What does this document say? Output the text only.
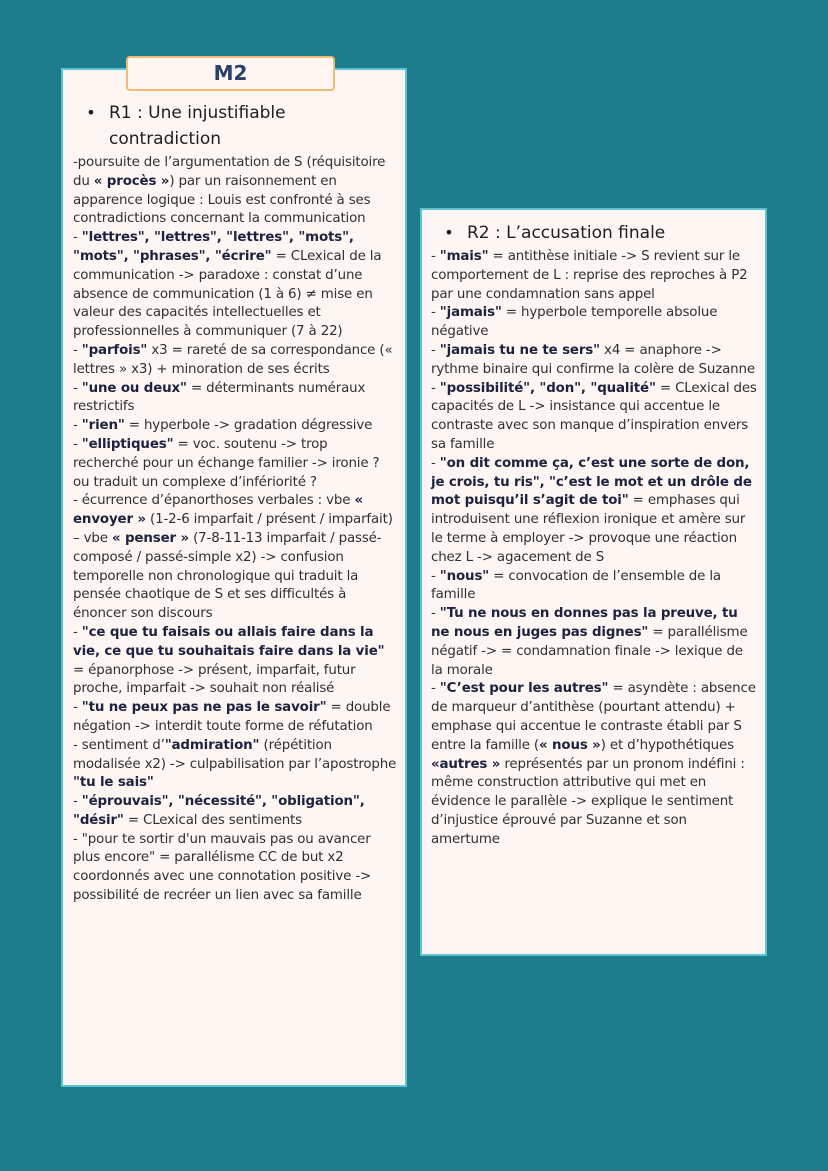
M2
• R1 : Une injustifiable contradiction

-poursuite de l’argumentation de S (réquisitoire du « procès ») par un raisonnement en apparence logique : Louis est confronté à ses contradictions concernant la communication

- "lettres", "lettres", "lettres", "mots", "mots", "phrases", "écrire" = CLexical de la communication -> paradoxe : constat d’une absence de communication (1 à 6) ≠ mise en valeur des capacités intellectuelles et professionnelles à communiquer (7 à 22)

- "parfois" x3 = rareté de sa correspondance (« lettres » x3) + minoration de ses écrits

- "une ou deux" = déterminants numéraux restrictifs

- "rien" = hyperbole -> gradation dégressive

- "elliptiques" = voc. soutenu -> trop recherché pour un échange familier -> ironie ? ou traduit un complexe d’infériorité ?

- écurrence d’épanorthoses verbales : vbe « envoyer » (1-2-6 imparfait / présent / imparfait) – vbe « penser » (7-8-11-13 imparfait / passé-composé / passé-simple x2) -> confusion temporelle non chronologique qui traduit la pensée chaotique de S et ses difficultés à énoncer son discours

- "ce que tu faisais ou allais faire dans la vie, ce que tu souhaitais faire dans la vie" = épanorphose -> présent, imparfait, futur proche, imparfait -> souhait non réalisé

- "tu ne peux pas ne pas le savoir" = double négation -> interdit toute forme de réfutation

- sentiment d’"admiration" (répétition modalisée x2) -> culpabilisation par l’apostrophe "tu le sais"

- "éprouvais", "nécessité", "obligation", "désir" = CLexical des sentiments

- "pour te sortir d'un mauvais pas ou avancer plus encore" = parallélisme CC de but x2 coordonnés avec une connotation positive -> possibilité de recréer un lien avec sa famille

• R2 : L’accusation finale

- "mais" = antithèse initiale -> S revient sur le comportement de L : reprise des reproches à P2 par une condamnation sans appel

- "jamais" = hyperbole temporelle absolue négative

- "jamais tu ne te sers" x4 = anaphore -> rythme binaire qui confirme la colère de Suzanne

- "possibilité", "don", "qualité" = CLexical des capacités de L -> insistance qui accentue le contraste avec son manque d’inspiration envers sa famille

- "on dit comme ça, c’est une sorte de don, je crois, tu ris", "c’est le mot et un drôle de mot puisqu’il s’agit de toi" = emphases qui introduisent une réflexion ironique et amère sur le terme à employer -> provoque une réaction chez L -> agacement de S

- "nous" = convocation de l’ensemble de la famille

- "Tu ne nous en donnes pas la preuve, tu ne nous en juges pas dignes" = parallélisme négatif -> = condamnation finale -> lexique de la morale

- "C’est pour les autres" = asyndète : absence de marqueur d’antithèse (pourtant attendu) + emphase qui accentue le contraste établi par S entre la famille (« nous ») et d’hypothétiques «autres » représentés par un pronom indéfini : même construction attributive qui met en évidence le parallèle -> explique le sentiment d’injustice éprouvé par Suzanne et son amertume
